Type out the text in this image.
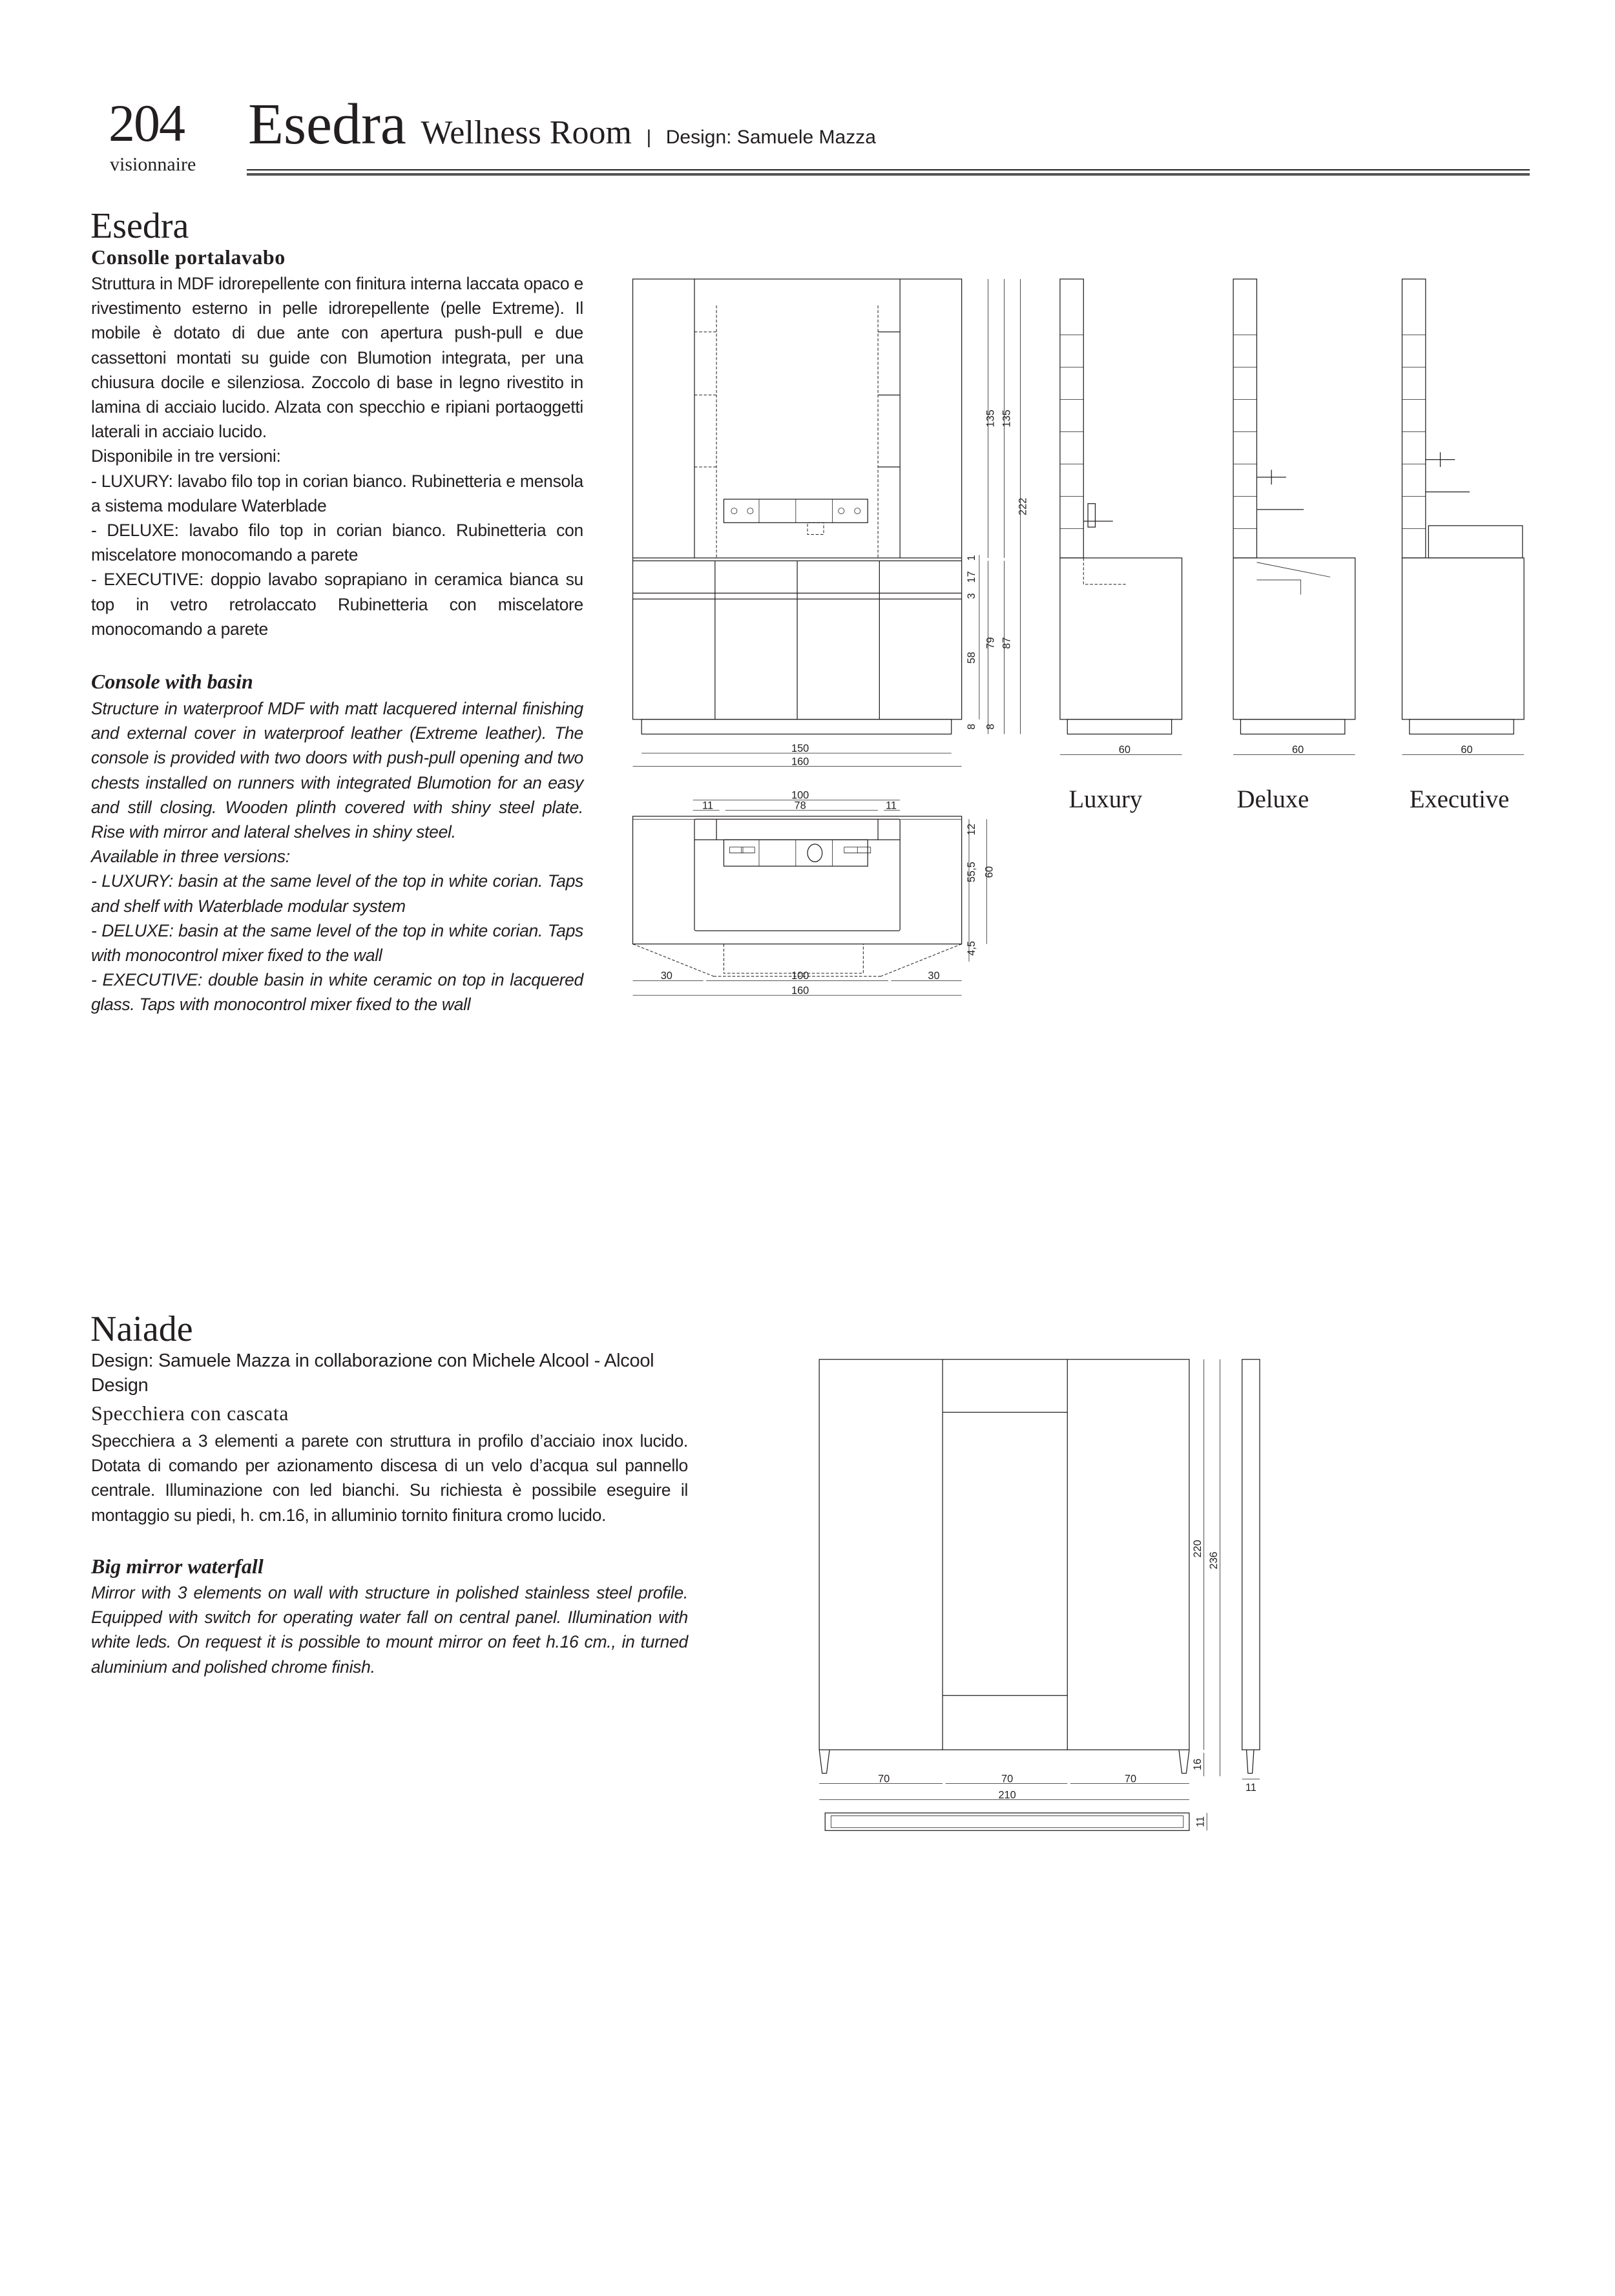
204
visionnaire
Esedra Wellness Room | Design: Samuele Mazza
Esedra
Consolle portalavabo

Struttura in MDF idrorepellente con finitura interna laccata opaco e rivestimento esterno in pelle idrorepellente (pelle Extreme). Il mobile è dotato di due ante con apertura push-pull e due cassettoni montati su guide con Blumotion integrata, per una chiusura docile e silenziosa. Zoccolo di base in legno rivestito in lamina di acciaio lucido. Alzata con specchio e ripiani portaoggetti laterali in acciaio lucido.

Disponibile in tre versioni:

- LUXURY: lavabo filo top in corian bianco. Rubinetteria e mensola a sistema modulare Waterblade

- DELUXE: lavabo filo top in corian bianco. Rubinetteria con miscelatore monocomando a parete

- EXECUTIVE: doppio lavabo soprapiano in ceramica bianca su top in vetro retrolaccato Rubinetteria con miscelatore monocomando a parete

Console with basin

Structure in waterproof MDF with matt lacquered internal finishing and external cover in waterproof leather (Extreme leather). The console is provided with two doors with push-pull opening and two chests installed on runners with integrated Blumotion for an easy and still closing. Wooden plinth covered with shiny steel plate. Rise with mirror and lateral shelves in shiny steel.

Available in three versions:

- LUXURY: basin at the same level of the top in white corian. Taps and shelf with Waterblade modular system

- DELUXE: basin at the same level of the top in white corian. Taps with monocontrol mixer fixed to the wall

- EXECUTIVE: double basin in white ceramic on top in lacquered glass. Taps with monocontrol mixer fixed to the wall

Naiade
Design: Samuele Mazza in collaborazione con Michele Alcool - Alcool Design
Specchiera con cascata
Specchiera a 3 elementi a parete con struttura in profilo d’acciaio inox lucido. Dotata di comando per azionamento discesa di un velo d’acqua sul pannello centrale. Illuminazione con led bianchi. Su richiesta è possibile eseguire il montaggio su piedi, h. cm.16, in alluminio tornito finitura cromo lucido.
Big mirror waterfall
Mirror with 3 elements on wall with structure in polished stainless steel profile. Equipped with switch for operating water fall on central panel. Illumination with white leds. On request it is possible to mount mirror on feet h.16 cm., in turned aluminium and polished chrome finish.
150
160
135 135
222
1
17
3
58
79 87
8 8
100
11	78	11
12
55,5
4,5
60
30	100	30
160
60
Luxury
60
Deluxe
60
Executive
70	70	70
210
220
236
16
11
11
